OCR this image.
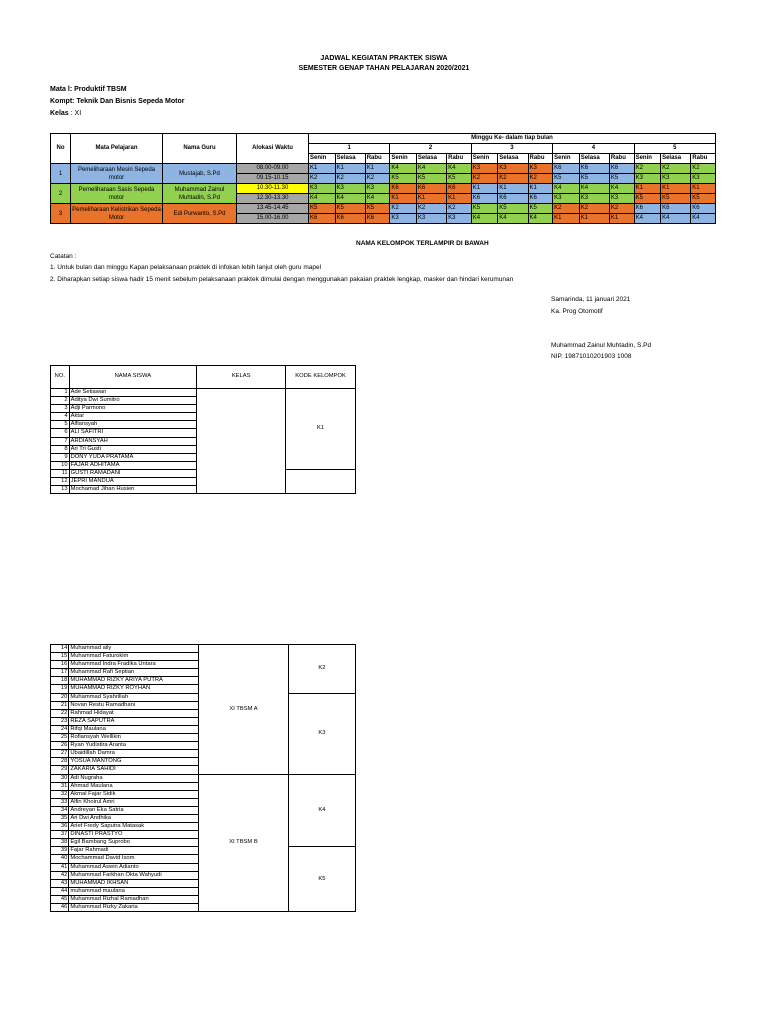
JADWAL KEGIATAN PRAKTEK SISWA
SEMESTER GENAP TAHAN PELAJARAN 2020/2021
Mata l: Produktif TBSM
Kompt: Teknik Dan Bisnis Sepeda Motor
Kelas : XI
No	Mata Pelajaran	Nama Guru	Alokasi Waktu	Minggu Ke- dalam tiap bulan														
				1			2			3			4			5		
				Senin	Selasa	Rabu	Senin	Selasa	Rabu	Senin	Selasa	Rabu	Senin	Selasa	Rabu	Senin	Selasa	Rabu
1	Pemeliharaan Mesin Sepeda motor	Mustajab, S.Pd	08.00-09.00	K1	K1	K1	K4	K4	K4	K3	K3	K3	K6	K6	K6	K2	K2	K2
			09.15-10.15	K2	K2	K2	K5	K5	K5	K2	K2	K2	K5	K5	K5	K3	K3	K3
2	Pemeliharaan Sasis Sepeda motor	Muhammad Zainul Muhtadin, S.Pd	10.30-11.30	K3	K3	K3	K6	K6	K6	K1	K1	K1	K4	K4	K4	K1	K1	K1
			12.30-13.30	K4	K4	K4	K1	K1	K1	K6	K6	K6	K3	K3	K3	K5	K5	K5
3	Pemeliharaan Kelistrikan Sepeda Motor	Edi Purwanto, S.Pd	13.45-14.45	K5	K5	K5	K2	K2	K2	K5	K5	K5	K2	K2	K2	K6	K6	K6
			15.00-16.00	K6	K6	K6	K3	K3	K3	K4	K4	K4	K1	K1	K1	K4	K4	K4
NAMA KELOMPOK TERLAMPIR DI BAWAH
Catatan :
1. Untuk bulan dan minggu Kapan pelaksanaan praktek di infokan lebih lanjut oleh guru mapel
2. Diharapkan setiap siswa hadir 15 menit sebelum pelaksanaan praktek dimulai dengan menggunakan pakaian praktek lengkap, masker dan hindari kerumunan
Samarinda, 11 januari 2021
Ka. Prog Otomotif
Muhammad Zainul Muhtadin, S.Pd
NIP. 19871010201903 1008
NO.	NAMA SISWA	KELAS	KODE KELOMPOK
1	Ade Setiawan		K1
2	Aditya Dwi Sumitro		
3	Adji Parmono		
4	Aktar		
5	Alfiansyah		
6	ALI SAFITRI		
7	ARDIANSYAH		
8	Ari Tri Gusti		
9	DONY YUDA PRATAMA		
10	FAJAR ADHITAMA		
11	GUSTI RAMADANI		
12	JEPRI MANDUA		
13	Mochamad Jihan Husien		
14	Muhammad aily	XI TBSM A	K2
15	Muhammad Faturokim		
16	Muhammad Indra Fradika Untara		
17	Muhammad Rafi Septian		
18	MUHAMMAD RIZKY ARIYA PUTRA		
19	MUHAMMAD RIZKY ROYHAN		
20	Muhammad Syahrillah		K3
21	Novan Restu Ramadhani		
22	Rahmad Hidayat		
23	REZA SAPUTRA		
24	Rifqi Maulana		
25	Rofiansyah Wellikin		
26	Ryan Yudistira Aranta		
27	Ubaidillah Damra		
28	YOSUA MANTONG		
29	ZAKARIA SAHIDI		
30	Adi Nugraha	XI TBSM B	K4
31	Ahmad Maulana		
32	Akmal Fajar Sidik		
33	Alfin Khoirul Amri		
34	Andreyan Eka Satria		
35	Ari Dwi Andhika		
36	Arief Fredy Saputra Matasak		
37	DINASTI PRASTYO		
38	Egil Bambang Suprobo		
39	Fajar Rahmadi		K5
40	Mochammad David Isom		
41	Muhammad Aswin Adianto		
42	Muhammad Farkhan Okta Wahyudi		
43	MUHAMMAD IKHSAN		
44	muhammad maulana		
45	Muhammad Rizhal Ramadhan		
46	Muhammad Rizky Zakaria		
